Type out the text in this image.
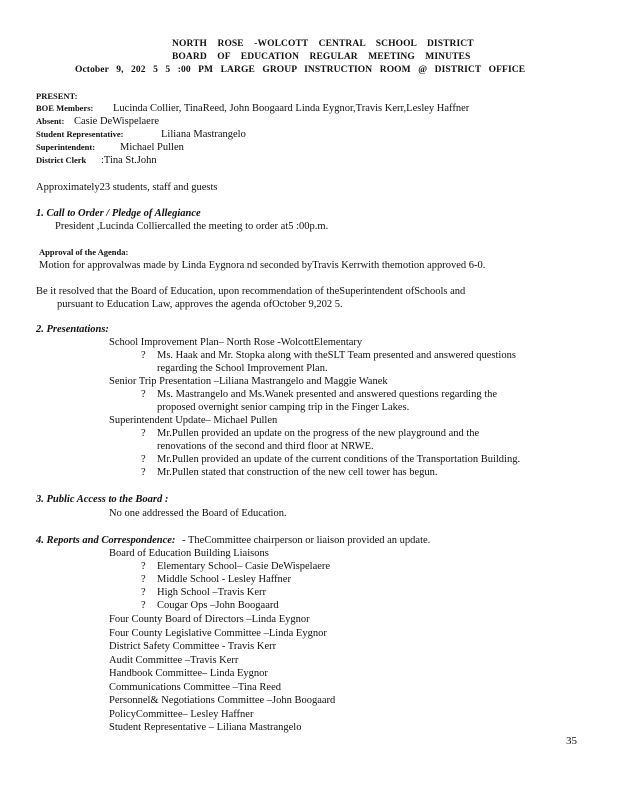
NORTH ROSE -WOLCOTT CENTRAL SCHOOL DISTRICT
BOARD OF EDUCATION REGULAR MEETING MINUTES
October 9, 202 5 5 :00 PM LARGE GROUP INSTRUCTION ROOM @ DISTRICT OFFICE
PRESENT:
BOE Members: Lucinda Collier, TinaReed, John Boogaard Linda Eygnor,Travis Kerr,Lesley Haffner
Absent: Casie DeWispelaere
Student Representative:	Liliana Mastrangelo
Superintendent: Michael Pullen
District Clerk :Tina St.John
Approximately23 students, staff and guests
1. Call to Order / Pledge of Allegiance
President ,Lucinda Colliercalled the meeting to order at5 :00p.m.
Approval of the Agenda:
Motion for approvalwas made by Linda Eygnora nd seconded byTravis Kerrwith themotion approved 6-0.
Be it resolved that the Board of Education, upon recommendation of theSuperintendent ofSchools and
pursuant to Education Law, approves the agenda ofOctober 9,202 5.
2. Presentations:
School Improvement Plan– North Rose -WolcottElementary
? Ms. Haak and Mr. Stopka along with theSLT Team presented and answered questions
regarding the School Improvement Plan.
Senior Trip Presentation –Liliana Mastrangelo and Maggie Wanek
? Ms. Mastrangelo and Ms.Wanek presented and answered questions regarding the
proposed overnight senior camping trip in the Finger Lakes.
Superintendent Update– Michael Pullen
? Mr.Pullen provided an update on the progress of the new playground and the
renovations of the second and third floor at NRWE.
? Mr.Pullen provided an update of the current conditions of the Transportation Building.
? Mr.Pullen stated that construction of the new cell tower has begun.
3. Public Access to the Board :
No one addressed the Board of Education.
4. Reports and Correspondence: - TheCommittee chairperson or liaison provided an update.
Board of Education Building Liaisons
? Elementary School– Casie DeWispelaere
? Middle School - Lesley Haffner
? High School –Travis Kerr
? Cougar Ops –John Boogaard
Four County Board of Directors –Linda Eygnor
Four County Legislative Committee –Linda Eygnor
District Safety Committee - Travis Kerr
Audit Committee –Travis Kerr
Handbook Committee– Linda Eygnor
Communications Committee –Tina Reed
Personnel& Negotiations Committee –John Boogaard
PolicyCommittee– Lesley Haffner
Student Representative – Liliana Mastrangelo
35
